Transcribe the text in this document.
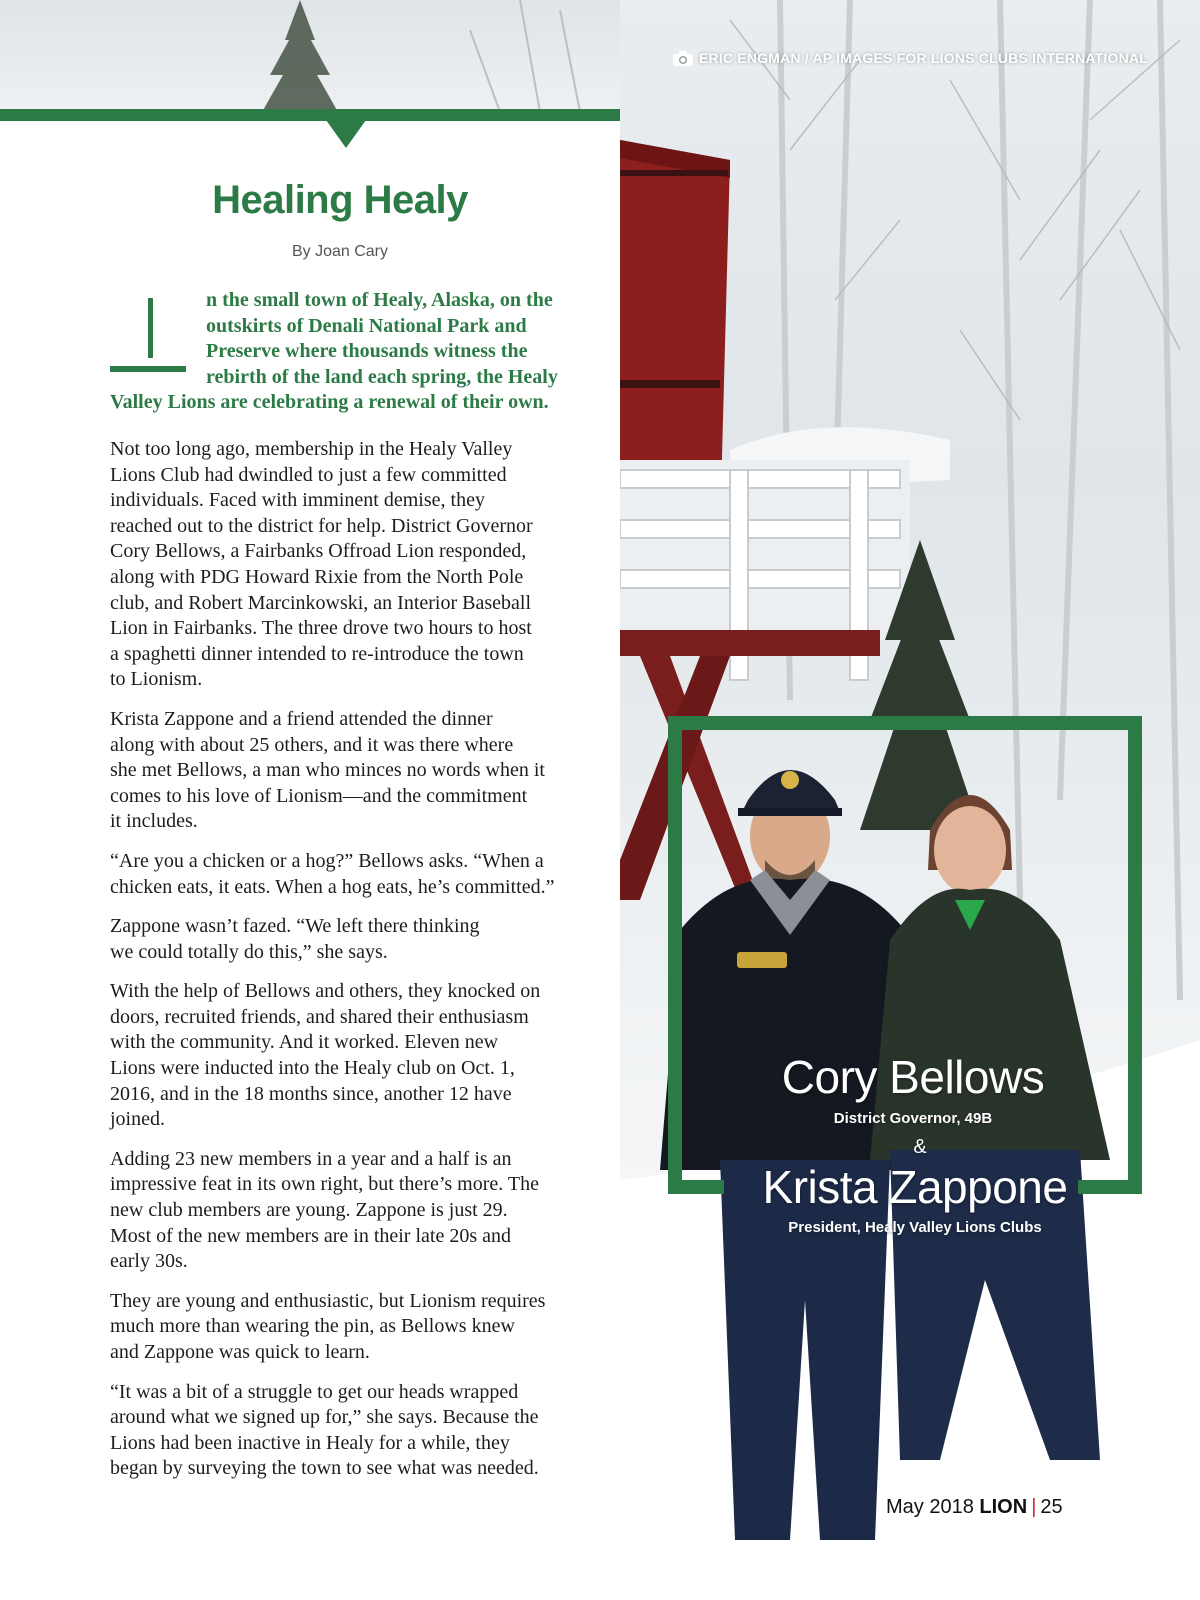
ERIC ENGMAN / AP IMAGES FOR LIONS CLUBS INTERNATIONAL
Cory Bellows
District Governor, 49B
&
Krista Zappone
President, Healy Valley Lions Clubs
Healing Healy
By Joan Cary
n the small town of Healy, Alaska, on the
outskirts of Denali National Park and
Preserve where thousands witness the
rebirth of the land each spring, the Healy
Valley Lions are celebrating a renewal of their own.

Not too long ago, membership in the Healy Valley
Lions Club had dwindled to just a few committed
individuals. Faced with imminent demise, they
reached out to the district for help. District Governor
Cory Bellows, a Fairbanks Offroad Lion responded,
along with PDG Howard Rixie from the North Pole
club, and Robert Marcinkowski, an Interior Baseball
Lion in Fairbanks. The three drove two hours to host
a spaghetti dinner intended to re-introduce the town
to Lionism.

Krista Zappone and a friend attended the dinner
along with about 25 others, and it was there where
she met Bellows, a man who minces no words when it
comes to his love of Lionism—and the commitment
it includes.

“Are you a chicken or a hog?” Bellows asks. “When a
chicken eats, it eats. When a hog eats, he’s committed.”

Zappone wasn’t fazed. “We left there thinking
we could totally do this,” she says.

With the help of Bellows and others, they knocked on
doors, recruited friends, and shared their enthusiasm
with the community. And it worked. Eleven new
Lions were inducted into the Healy club on Oct. 1,
2016, and in the 18 months since, another 12 have
joined.

Adding 23 new members in a year and a half is an
impressive feat in its own right, but there’s more. The
new club members are young. Zappone is just 29.
Most of the new members are in their late 20s and
early 30s.

They are young and enthusiastic, but Lionism requires
much more than wearing the pin, as Bellows knew
and Zappone was quick to learn.

“It was a bit of a struggle to get our heads wrapped
around what we signed up for,” she says. Because the
Lions had been inactive in Healy for a while, they
began by surveying the town to see what was needed.

May 2018 LION | 25
